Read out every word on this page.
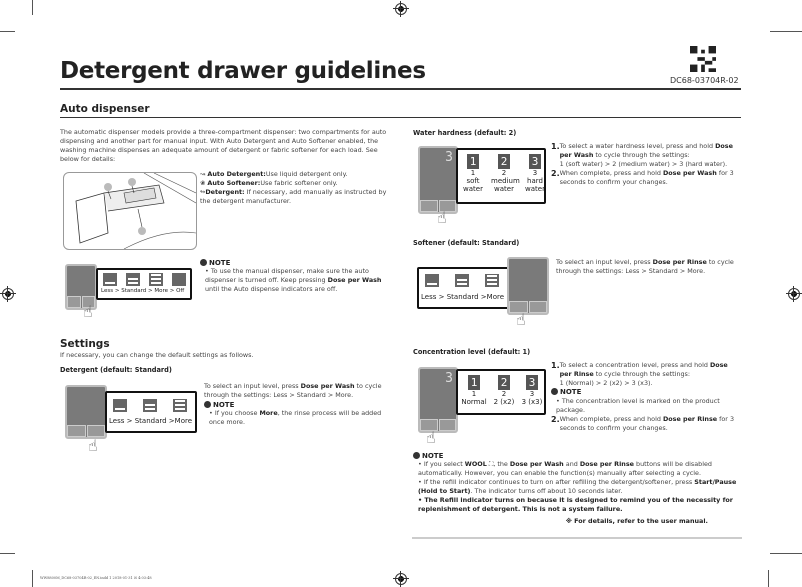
Detergent drawer guidelines	DC68-03704R-02
Auto dispenser
The automatic dispenser models provide a three-compartment dispenser: two compartments for auto dispensing and another part for manual input. With Auto Detergent and Auto Softener enabled, the washing machine dispenses an adequate amount of detergent or fabric softener for each load. See below for details:
↝ Auto Detergent:Use liquid detergent only.
❀ Auto Softener:Use fabric softener only.
↬Detergent: If necessary, add manually as instructed by the detergent manufacturer.
Less > Standard > More > Off
☝
NOTE
• To use the manual dispenser, make sure the auto dispenser is turned off. Keep pressing Dose per Wash until the Auto dispense indicators are off.
Settings
If necessary, you can change the default settings as follows.
Detergent (default: Standard)
Less > Standard >More
☝
To select an input level, press Dose per Wash to cycle through the settings: Less > Standard > More.
NOTE
• If you choose More, the rinse process will be added once more.
Water hardness (default: 2)
3	1
1
soft
water
2
2
medium
water
3
3
hard
water
☝
1. To select a water hardness level, press and hold Dose per Wash to cycle through the settings:
1 (soft water) > 2 (medium water) > 3 (hard water).
2. When complete, press and hold Dose per Wash for 3 seconds to confirm your changes.
Softener (default: Standard)
Less > Standard >More
☝
To select an input level, press Dose per Rinse to cycle through the settings: Less > Standard > More.
Concentration level (default: 1)
3	1
1
Normal
2
2
2 (x2)
3
3
3 (x3)
☝
1. To select a concentration level, press and hold Dose per Rinse to cycle through the settings:
1 (Normal) > 2 (x2) > 3 (x3).
NOTE
• The concentration level is marked on the product package.
2. When complete, press and hold Dose per Rinse for 3 seconds to confirm your changes.
NOTE
• If you select WOOL ⛶, the Dose per Wash and Dose per Rinse buttons will be disabled automatically. However, you can enable the function(s) manually after selecting a cycle.
• If the refill indicator continues to turn on after refilling the detergent/softener, press Start/Pause (Hold to Start). The indicator turns off about 10 seconds later.
• The Refill indicator turns on because it is designed to remind you of the necessity for replenishment of detergent. This is not a system failure.
※ For details, refer to the user manual.
WW8800M_DC68-03704R-02_EN.indd 1 2018-01-31 ☒ 4:03:48
